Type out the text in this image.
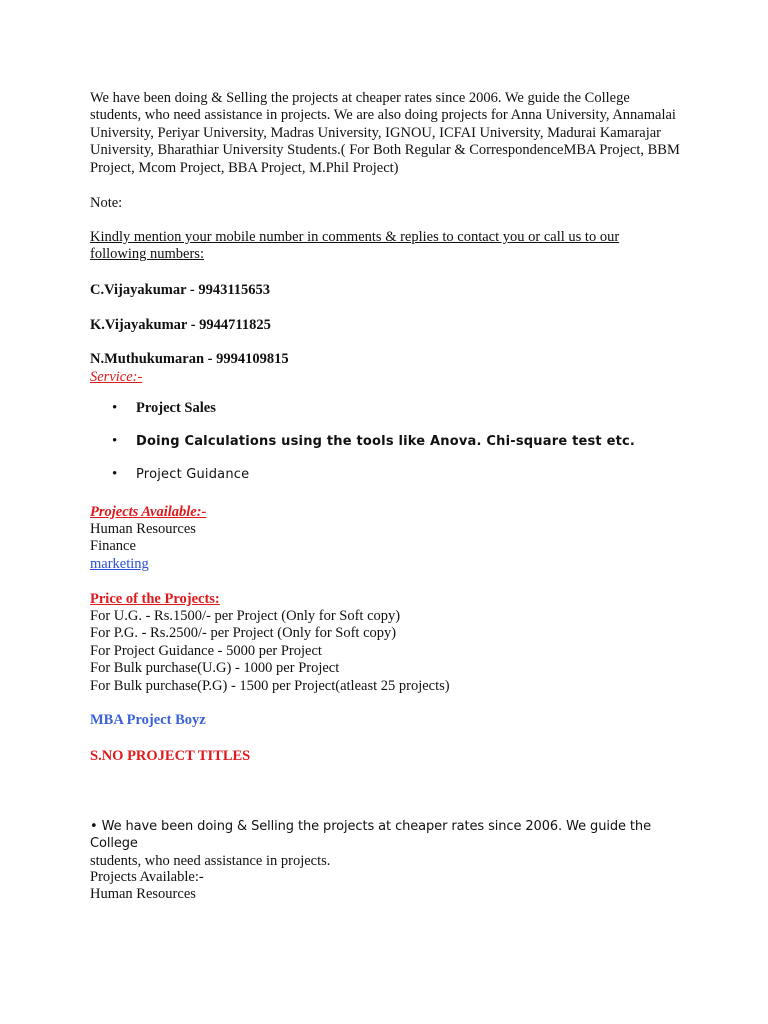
We have been doing & Selling the projects at cheaper rates since 2006. We guide the College students, who need assistance in projects. We are also doing projects for Anna University, Annamalai University, Periyar University, Madras University, IGNOU, ICFAI University, Madurai Kamarajar University, Bharathiar University Students.( For Both Regular & CorrespondenceMBA Project, BBM Project, Mcom Project, BBA Project, M.Phil Project)

Note:

Kindly mention your mobile number in comments & replies to contact you or call us to our following numbers:

C.Vijayakumar - 9943115653

K.Vijayakumar - 9944711825

N.Muthukumaran - 9994109815

Service:-

• Project Sales
• Doing Calculations using the tools like Anova. Chi-square test etc.
• Project Guidance

Projects Available:-

Human Resources
Finance
marketing

Price of the Projects:

For U.G. - Rs.1500/- per Project (Only for Soft copy)
For P.G. - Rs.2500/- per Project (Only for Soft copy)
For Project Guidance - 5000 per Project
For Bulk purchase(U.G) - 1000 per Project
For Bulk purchase(P.G) - 1500 per Project(atleast 25 projects)

MBA Project Boyz

S.NO PROJECT TITLES

• We have been doing & Selling the projects at cheaper rates since 2006. We guide the College
students, who need assistance in projects.

Projects Available:-
Human Resources
